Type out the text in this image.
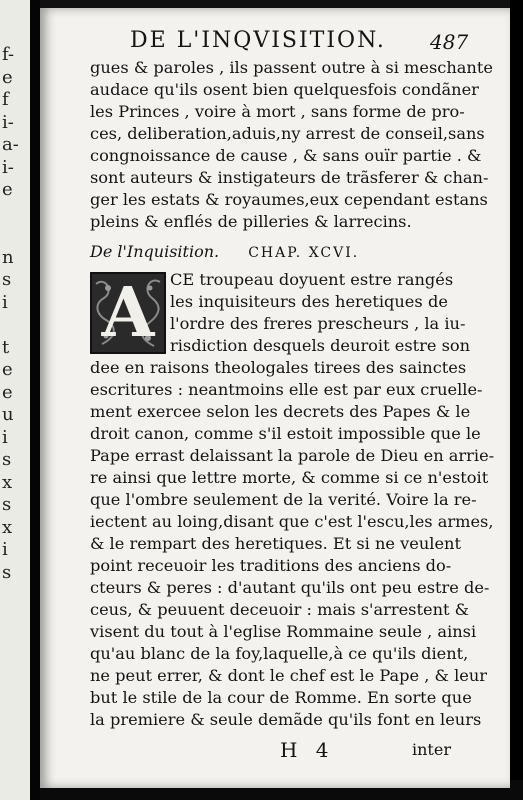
f-
e
f
i-
a-
i-
e
n
s
i
t
e
e
u
i
s
x
s
x
i
s
DE L'INQVISITION. 487
gues & paroles , ils passent outre à si meschante
audace qu'ils osent bien quelquesfois condãner
les Princes , voire à mort , sans forme de pro-
ces, deliberation,aduis,ny arrest de conseil,sans
congnoissance de cause , & sans ouïr partie . &
sont auteurs & instigateurs de trãsferer & chan-
ger les estats & royaumes,eux cependant estans
pleins & enflés de pilleries & larrecins.
De l'Inquisition. CHAP. XCVI.
A CE troupeau doyuent estre rangés
les inquisiteurs des heretiques de
l'ordre des freres prescheurs , la iu-
risdiction desquels deuroit estre son
dee en raisons theologales tirees des sainctes
escritures : neantmoins elle est par eux cruelle-
ment exercee selon les decrets des Papes & le
droit canon, comme s'il estoit impossible que le
Pape errast delaissant la parole de Dieu en arrie-
re ainsi que lettre morte, & comme si ce n'estoit
que l'ombre seulement de la verité. Voire la re-
iectent au loing,disant que c'est l'escu,les armes,
& le rempart des heretiques. Et si ne veulent
point receuoir les traditions des anciens do-
cteurs & peres : d'autant qu'ils ont peu estre de-
ceus, & peuuent deceuoir : mais s'arrestent &
visent du tout à l'eglise Rommaine seule , ainsi
qu'au blanc de la foy,laquelle,à ce qu'ils dient,
ne peut errer, & dont le chef est le Pape , & leur
but le stile de la cour de Romme. En sorte que
la premiere & seule demãde qu'ils font en leurs
H 4	inter
